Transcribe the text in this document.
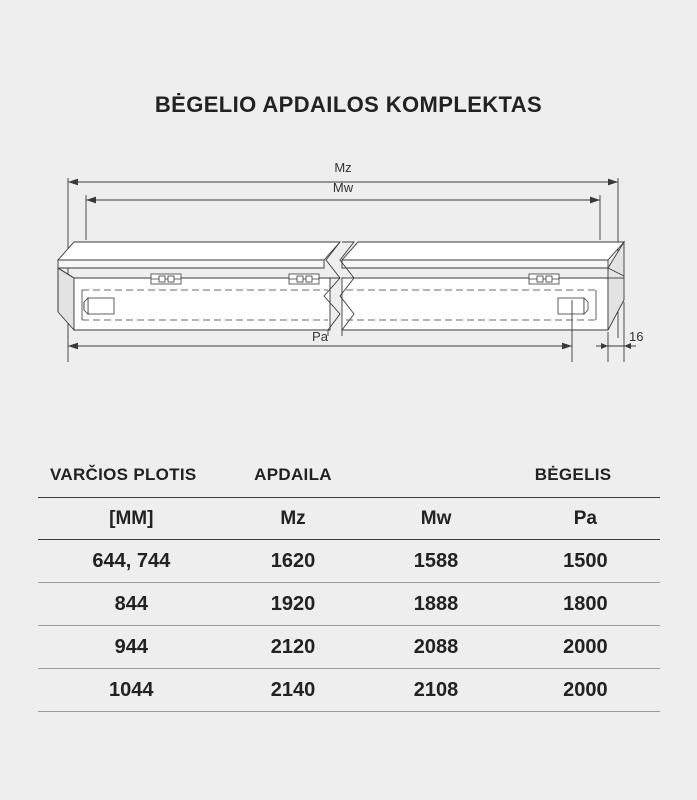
BĖGELIO APDAILOS KOMPLEKTAS
Mz
Mw
Pa	16
VARČIOS PLOTIS	APDAILA		BĖGELIS
[MM]	Mz	Mw	Pa
644, 744	1620	1588	1500
844	1920	1888	1800
944	2120	2088	2000
1044	2140	2108	2000
